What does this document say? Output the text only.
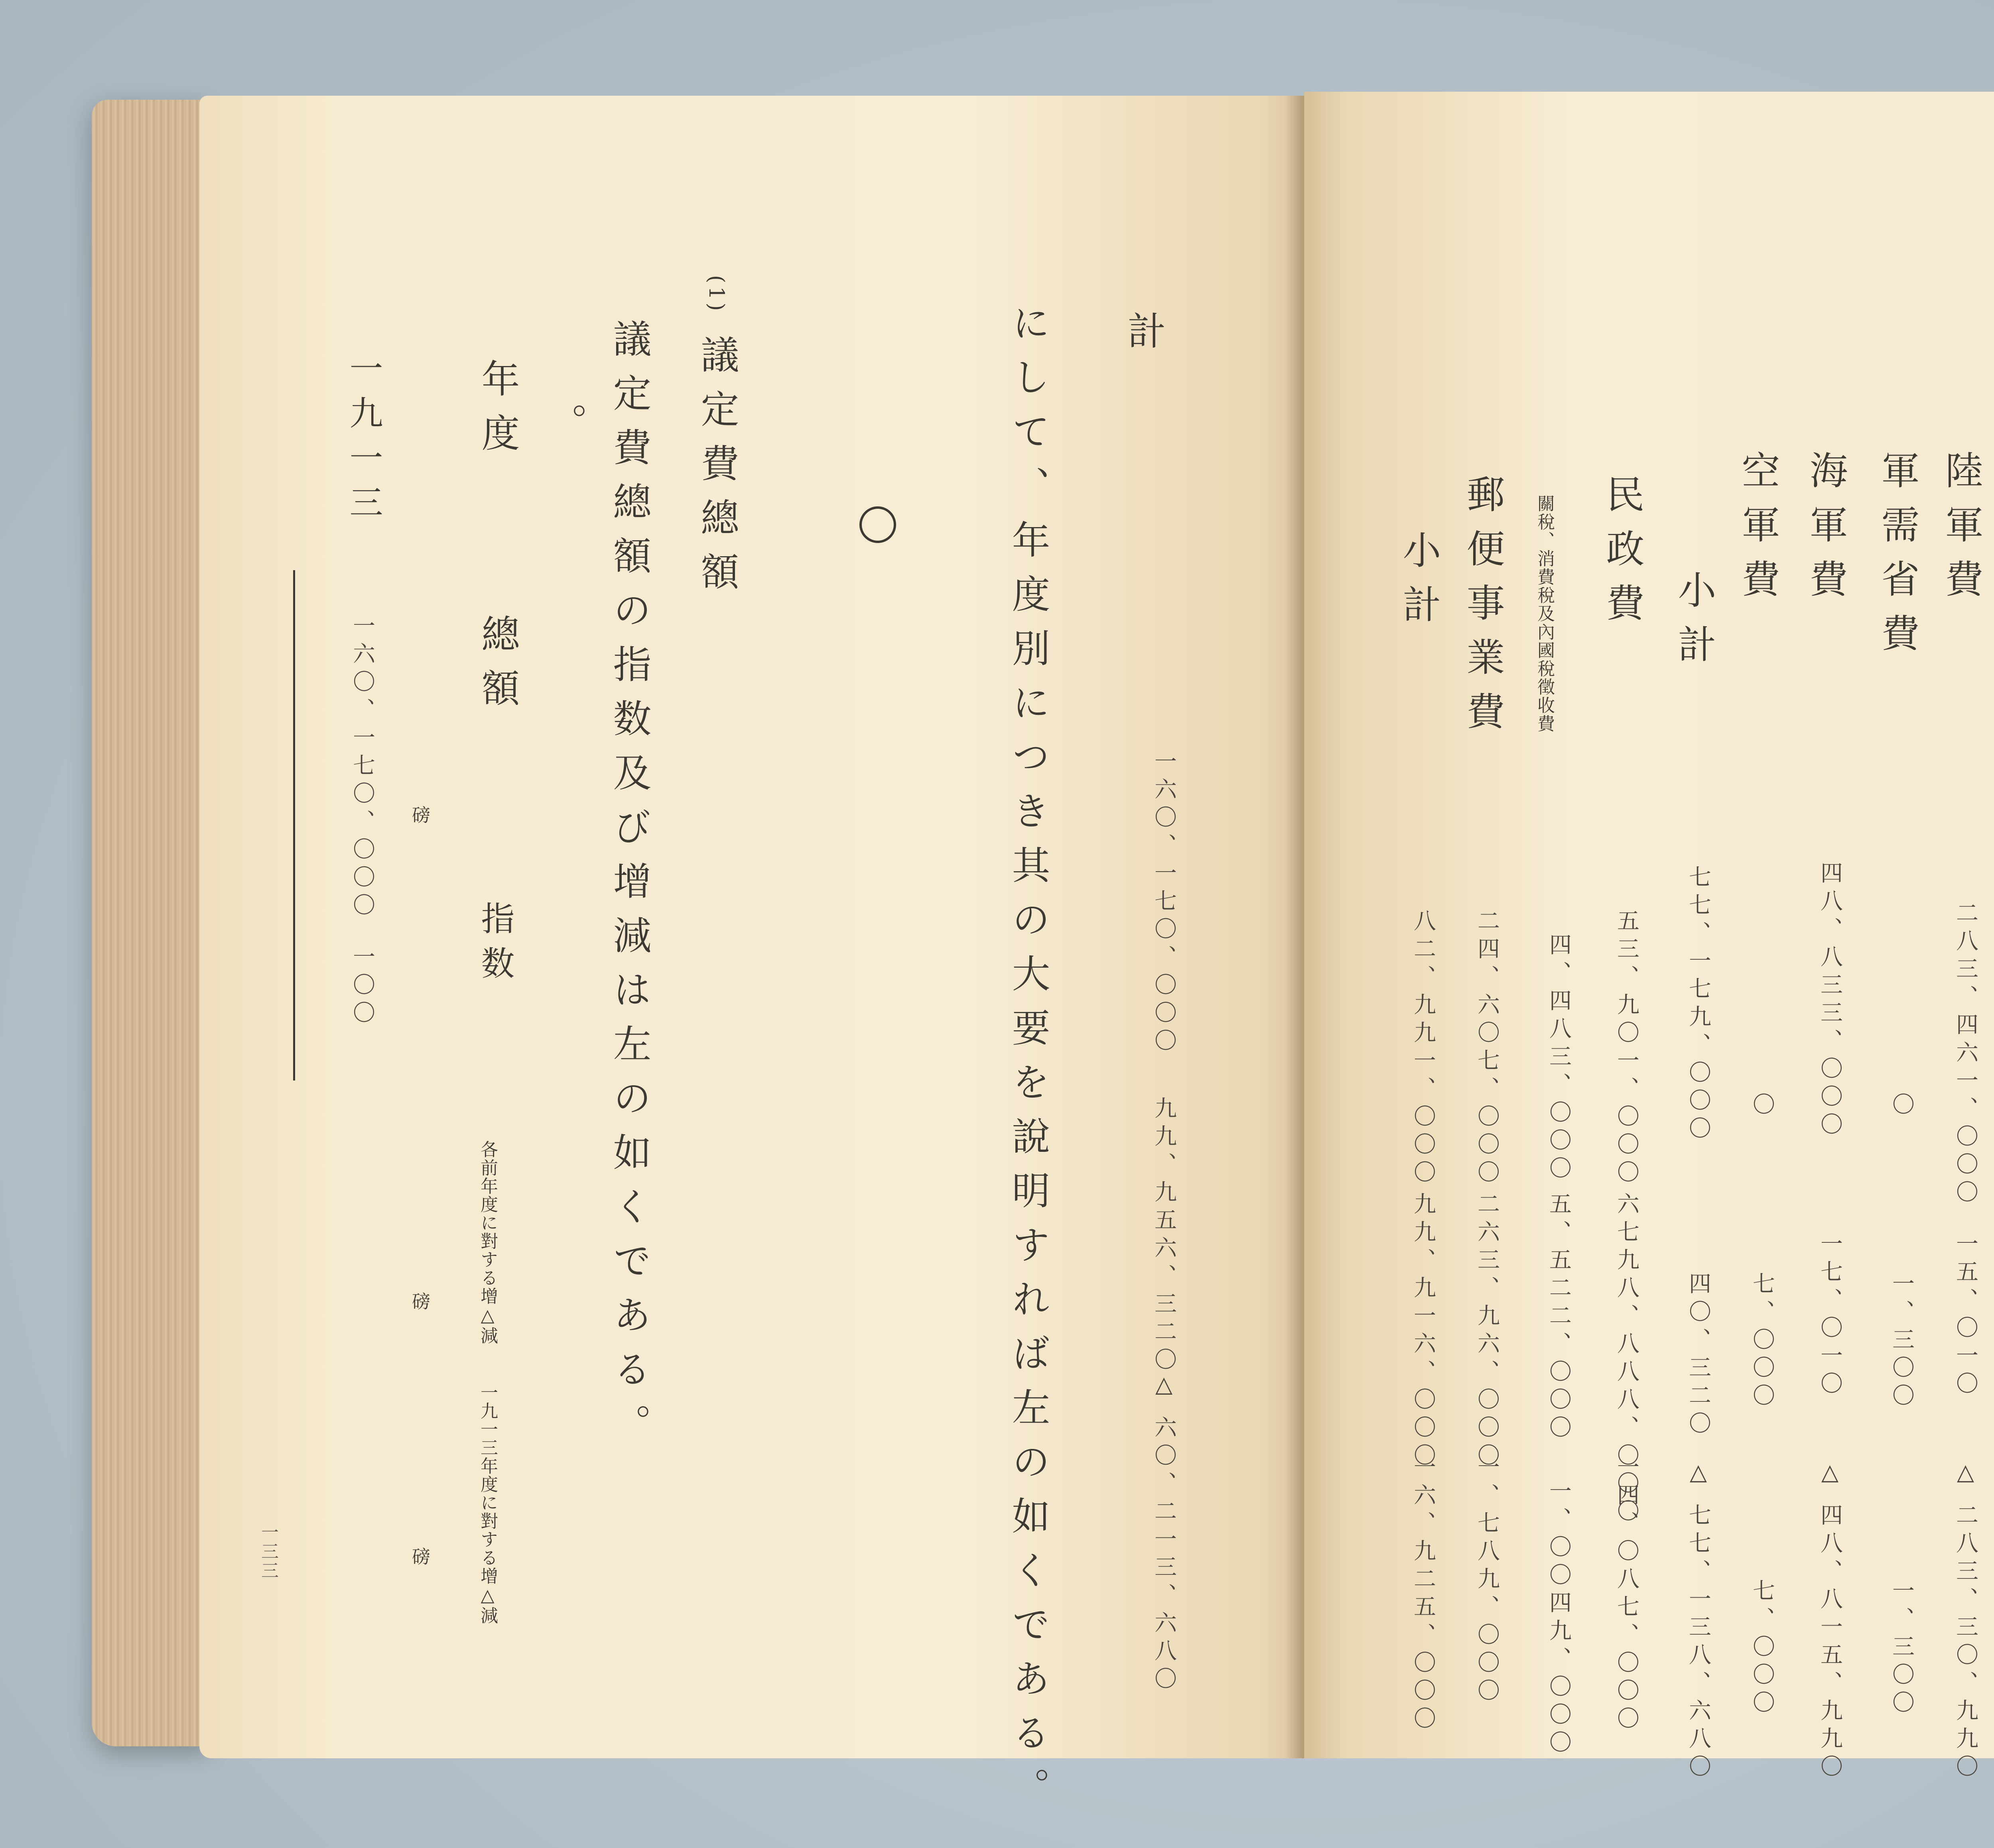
計
一六〇、一七〇、〇〇〇
九九、九五六、三二〇
△ 六〇、二一三、六八〇
にして、年度別につき其の大要を說明すれば左の如くである。
(1)
議定費總額
議定費總額の指数及び增減は左の如くである。
。
年度
總額
指数
各前年度に對する增△減
一九一三年度に對する增△減
磅
磅
磅
一九一三
一六〇、一七〇、〇〇〇
一〇〇
一三三
陸軍費
二八三、四六一、〇〇〇
一五、〇一〇
△ 二八三、三〇、九九〇
軍需省費
〇
一、三〇〇
一、三〇〇
海軍費
四八、八三三、〇〇〇
一七、〇一〇
△ 四八、八一五、九九〇
空軍費
〇
七、〇〇〇
七、〇〇〇
小計
七七、一七九、〇〇〇
四〇、三二〇
△ 七七、一三八、六八〇
民政費
五三、九〇一、〇〇〇
六七九八、八八八、〇〇〇
一四、〇八七、〇〇〇
關稅、消費稅及內國稅徵收費
四、四八三、〇〇〇
五、五二二、〇〇〇
一、〇〇四九、〇〇〇
郵便事業費
二四、六〇七、〇〇〇
二六三、九六、〇〇〇
一、七八九、〇〇〇
小計
八二、九九一、〇〇〇
九九、九一六、〇〇〇
一六、九二五、〇〇〇
